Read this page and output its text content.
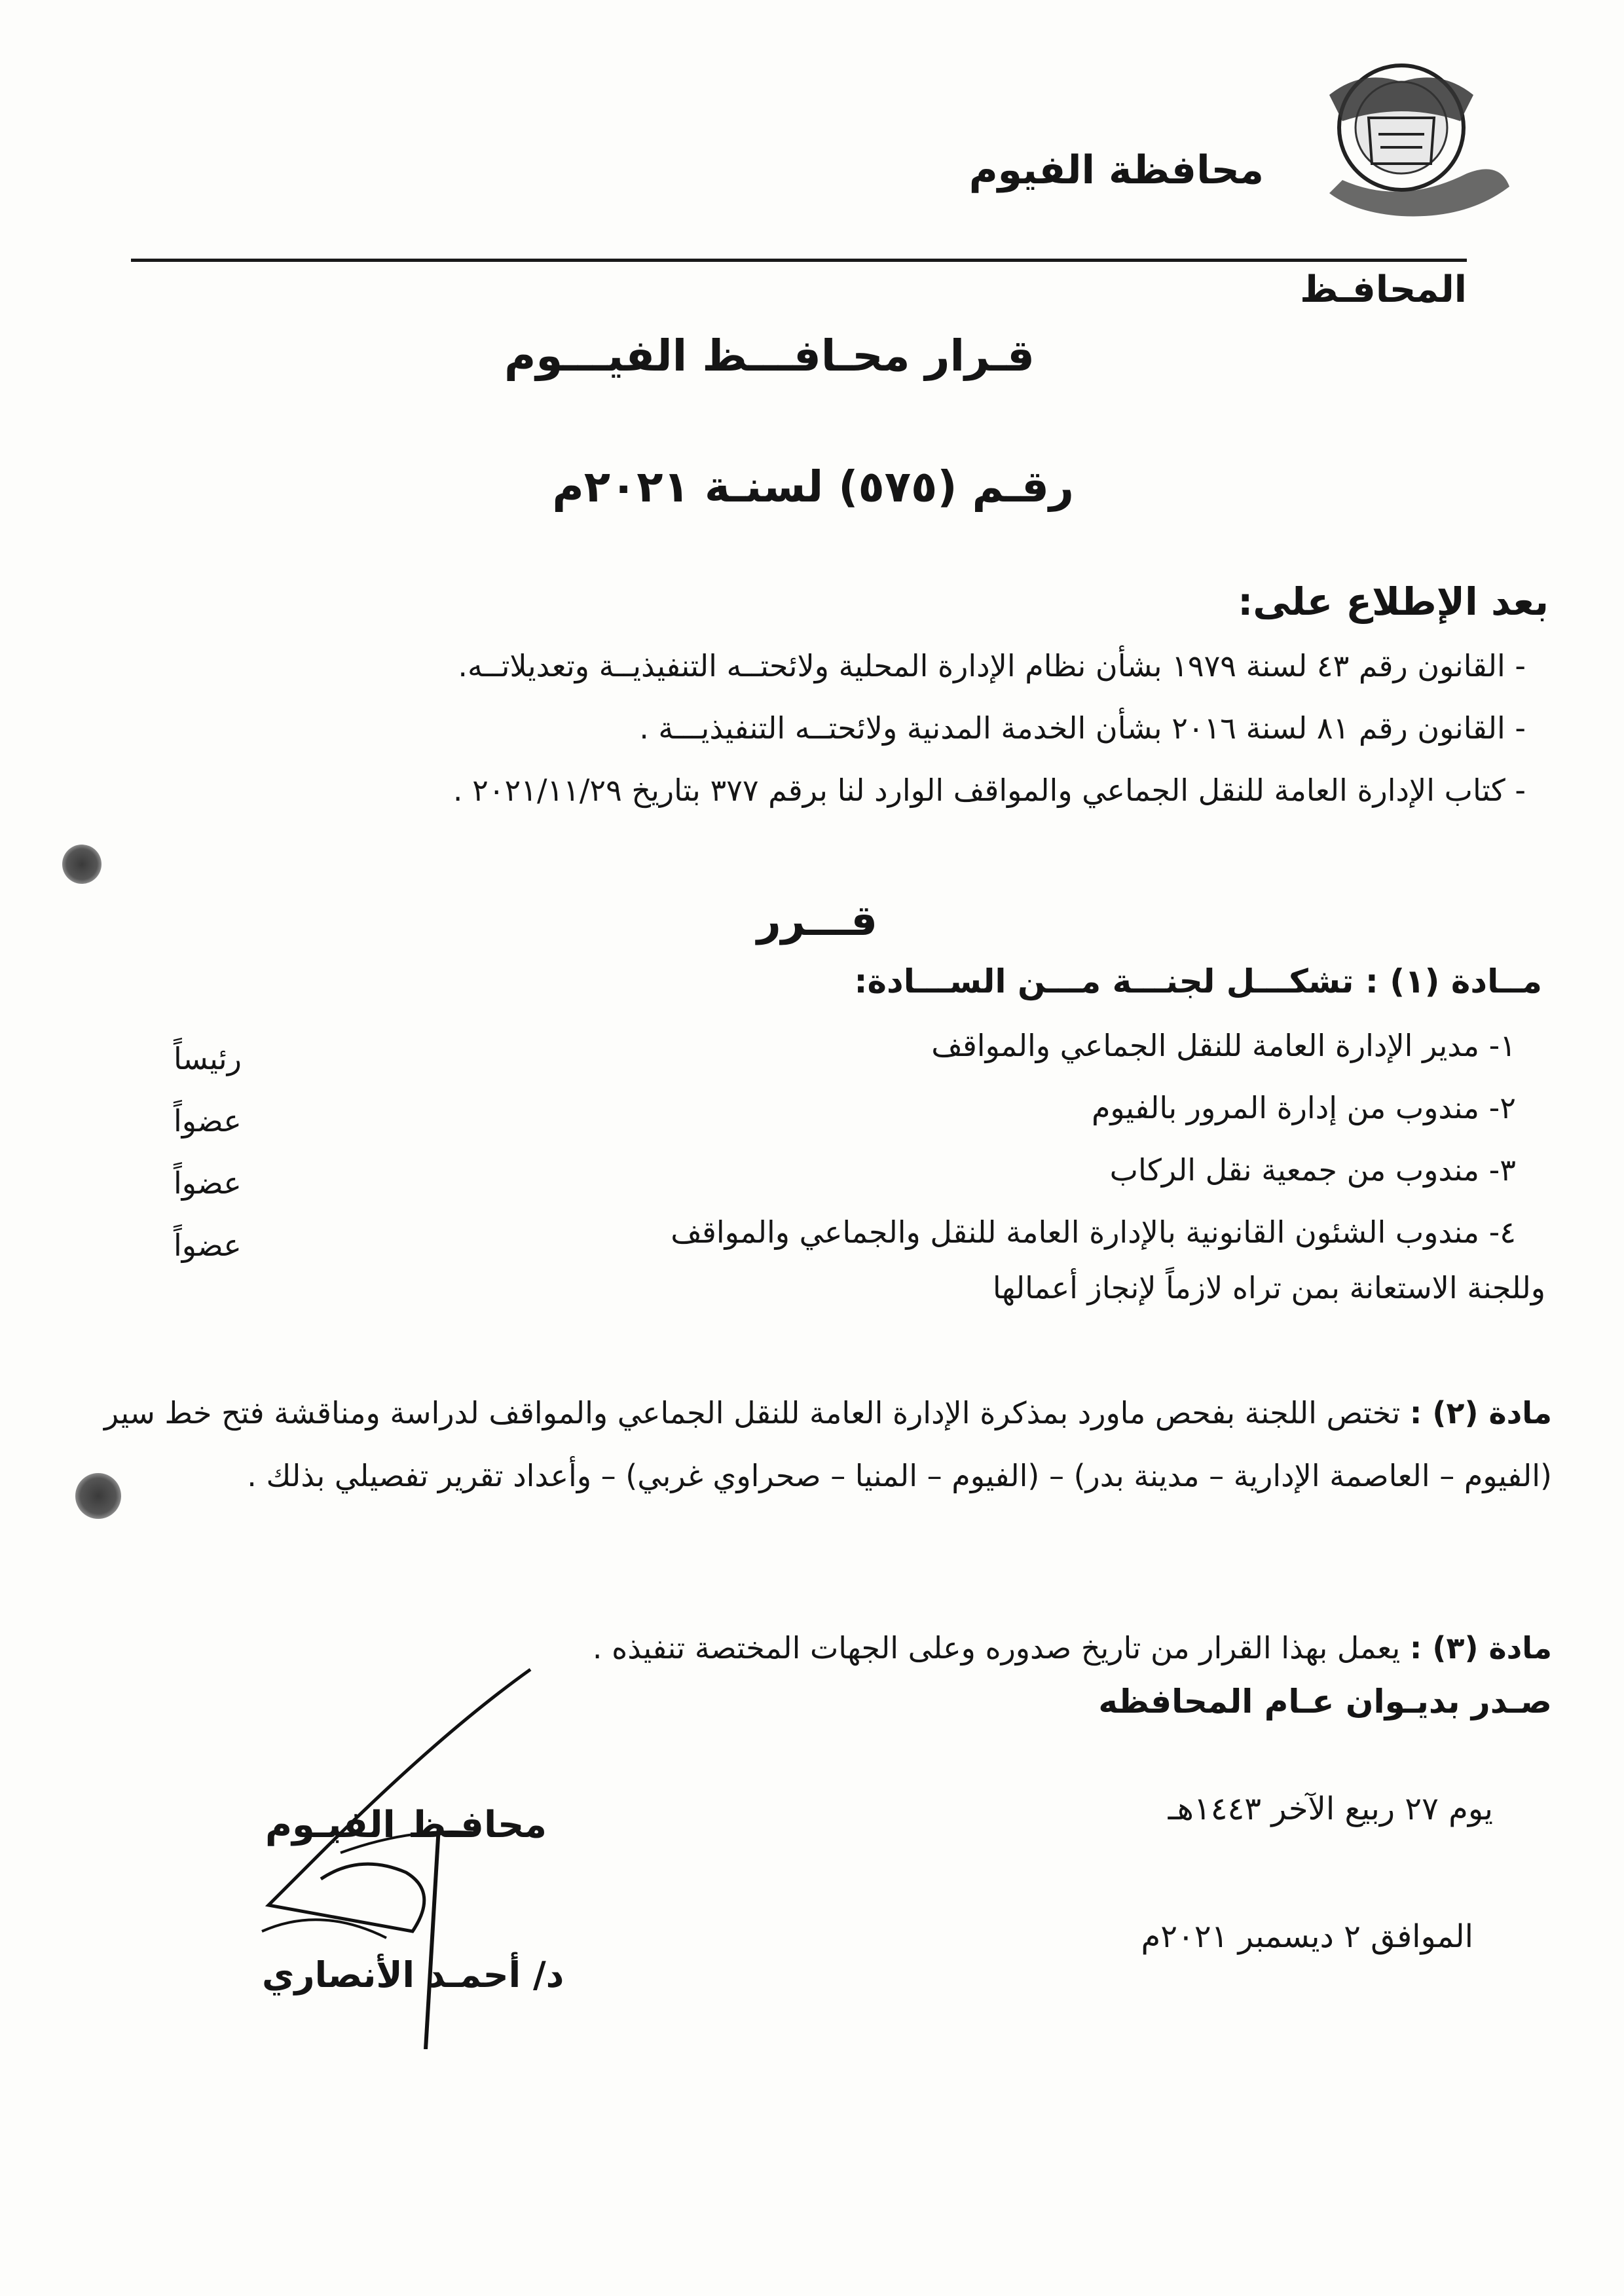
محافظة الفيوم
المحافـظ
قـرار محـافـــظ الفيـــوم
رقـم (٥٧٥) لسنـة ٢٠٢١م
بعد الإطلاع على:
- القانون رقم ٤٣ لسنة ١٩٧٩ بشأن نظام الإدارة المحلية ولائحتــه التنفيذيــة وتعديلاتــه.
- القانون رقم ٨١ لسنة ٢٠١٦ بشأن الخدمة المدنية ولائحتــه التنفيذيـــة .
- كتاب الإدارة العامة للنقل الجماعي والمواقف الوارد لنا برقم ٣٧٧ بتاريخ ٢٠٢١/١١/٢٩ .
قـــرر
مــادة (١) : تشكـــل لجنـــة مـــن الســـادة:
١- مدير الإدارة العامة للنقل الجماعي والمواقف
٢- مندوب من إدارة المرور بالفيوم
٣- مندوب من جمعية نقل الركاب
٤- مندوب الشئون القانونية بالإدارة العامة للنقل والجماعي والمواقف
رئيساً
عضواً
عضواً
عضواً
وللجنة الاستعانة بمن تراه لازماً لإنجاز أعمالها
مادة (٢) : تختص اللجنة بفحص ماورد بمذكرة الإدارة العامة للنقل الجماعي والمواقف لدراسة ومناقشة فتح خط سير (الفيوم – العاصمة الإدارية – مدينة بدر) – (الفيوم – المنيا – صحراوي غربي) – وأعداد تقرير تفصيلي بذلك .
مادة (٣) : يعمل بهذا القرار من تاريخ صدوره وعلى الجهات المختصة تنفيذه .
صـدر بديـوان عـام المحافظه
يوم ٢٧ ربيع الآخر ١٤٤٣هـ
الموافق ٢ ديسمبر ٢٠٢١م
محافـظ الفيـوم
د/ أحمـد الأنصاري
